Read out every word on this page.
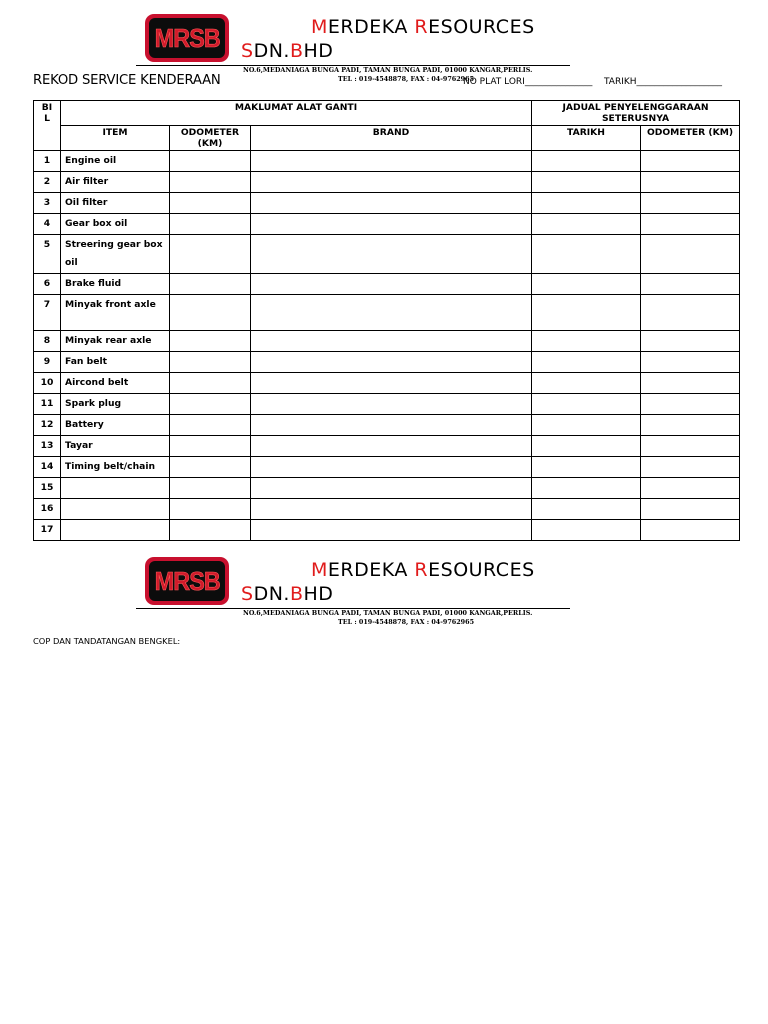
MRSB	MERDEKA RESOURCES
SDN.BHD
NO.6,MEDANIAGA BUNGA PADI, TAMAN BUNGA PADI, 01000 KANGAR,PERLIS.
TEL : 019-4548878, FAX : 04-9762965
REKOD SERVICE KENDERAAN	NO PLAT LORI_______________ TARIKH___________________
BI L	MAKLUMAT ALAT GANTI			JADUAL PENYELENGGARAAN SETERUSNYA	
	ITEM	ODOMETER (KM)	BRAND	TARIKH	ODOMETER (KM)
1	Engine oil				
2	Air filter				
3	Oil filter				
4	Gear box oil				
5	Streering gear box oil				
6	Brake fluid				
7	Minyak front axle				
8	Minyak rear axle				
9	Fan belt				
10	Aircond belt				
11	Spark plug				
12	Battery				
13	Tayar				
14	Timing belt/chain				
15					
16					
17					
MRSB	MERDEKA RESOURCES
SDN.BHD
NO.6,MEDANIAGA BUNGA PADI, TAMAN BUNGA PADI, 01000 KANGAR,PERLIS.
TEL : 019-4548878, FAX : 04-9762965
COP DAN TANDATANGAN BENGKEL:
